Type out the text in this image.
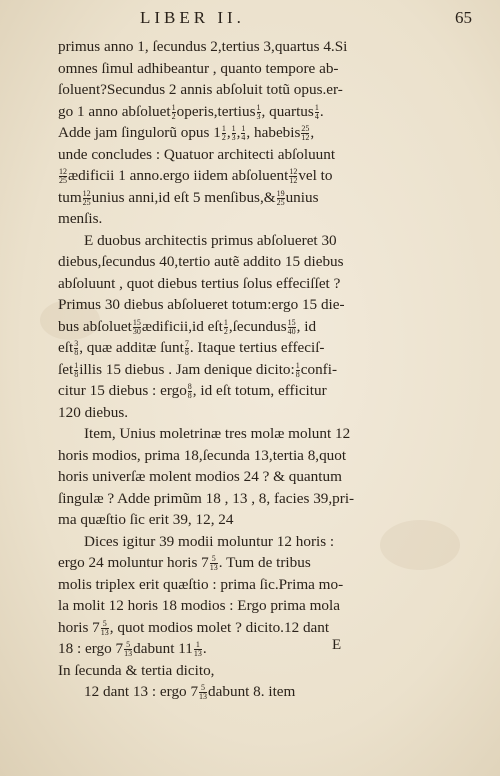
LIBER II.	65
primus anno 1, ſecundus 2,tertius 3,quartus 4.Si
omnes ſimul adhibeantur , quanto tempore ab-
ſoluent?Secundus 2 annis abſoluit totũ opus.er-
go 1 anno abſoluet $\frac{1}{2}$ operis,tertius $\frac{1}{3}$ , quartus $\frac{1}{4}$ .
Adde jam ſingulorũ opus $1 \frac{1}{2}$ , $\frac{1}{3}$ , $\frac{1}{4}$ , habebis $\frac{25}{12}$ ,
unde concludes : Quatuor architecti abſoluunt
$\frac{12}{25}$ ædificii 1 anno.ergo iidem abſoluent $\frac{12}{12}$ vel to
tum $\frac{12}{25}$ unius anni,id eſt 5 menſibus,& $\frac{19}{25}$ unius
menſis.
E duobus architectis primus abſolueret 30
diebus,ſecundus 40,tertio autẽ addito 15 diebus
abſoluunt , quot diebus tertius ſolus effeciſſet ?
Primus 30 diebus abſolueret totum:ergo 15 die-
bus abſoluet $\frac{15}{30}$ ædificii,id eſt $\frac{1}{2}$ ,ſecundus $\frac{15}{40}$ , id
eſt $\frac{3}{8}$ , quæ additæ ſunt $\frac{7}{8}$ . Itaque tertius effeciſ-
ſet $\frac{1}{8}$ illis 15 diebus . Jam denique dicito: $\frac{1}{8}$ confi-
citur 15 diebus : ergo $\frac{8}{8}$ , id eſt totum, efficitur
120 diebus.
Item, Unius moletrinæ tres molæ molunt 12
horis modios, prima 18,ſecunda 13,tertia 8,quot
horis univerſæ molent modios 24 ? & quantum
ſingulæ ? Adde primũm 18 , 13 , 8, facies 39,pri-
ma quæſtio ſic erit 39, 12, 24
Dices igitur 39 modii moluntur 12 horis :
ergo 24 moluntur horis $7 \frac{5}{13}$ . Tum de tribus
molis triplex erit quæſtio : prima ſic.Prima mo-
la molit 12 horis 18 modios : Ergo prima mola
horis $7 \frac{5}{13}$ , quot modios molet ? dicito.12 dant
18 : ergo $7 \frac{5}{13}$ dabunt $11 \frac{1}{13}$ .
In ſecunda & tertia dicito,
12 dant 13 : ergo $7 \frac{5}{13}$ dabunt 8. item
E
